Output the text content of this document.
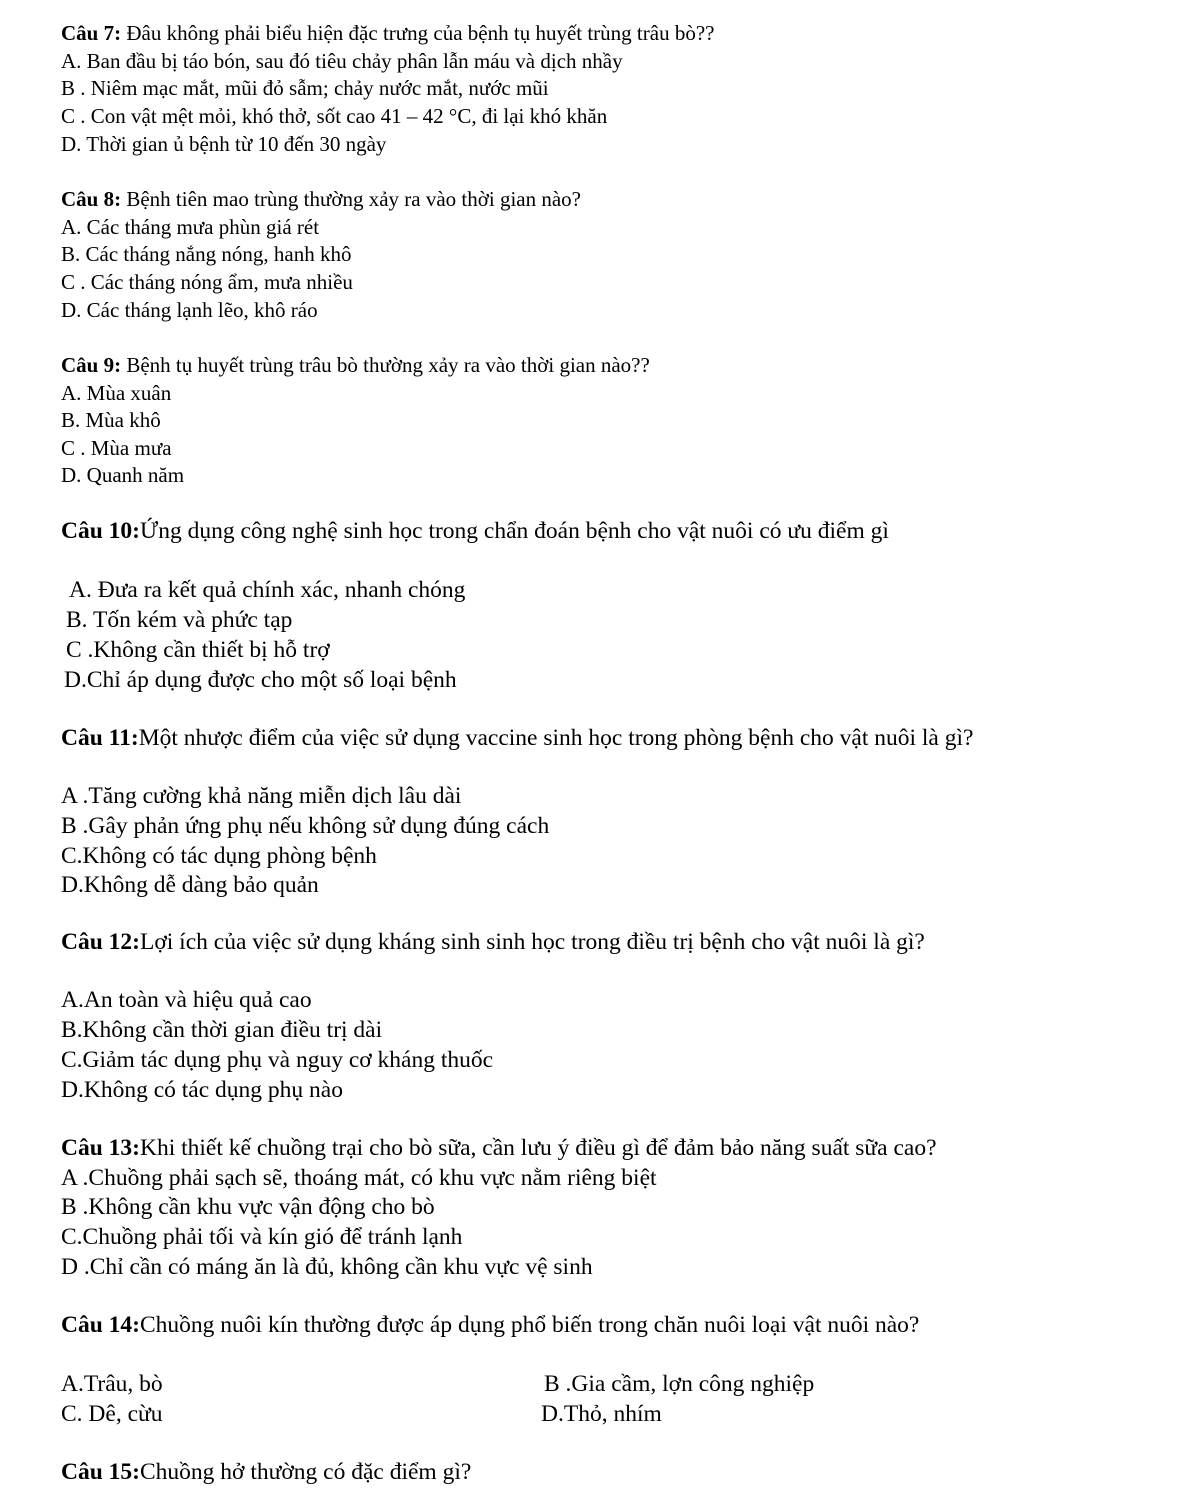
Câu 7: Đâu không phải biểu hiện đặc trưng của bệnh tụ huyết trùng trâu bò??
A. Ban đầu bị táo bón, sau đó tiêu chảy phân lẫn máu và dịch nhầy
B . Niêm mạc mắt, mũi đỏ sẫm; chảy nước mắt, nước mũi
C . Con vật mệt mỏi, khó thở, sốt cao 41 – 42 °C, đi lại khó khăn
D. Thời gian ủ bệnh từ 10 đến 30 ngày
Câu 8: Bệnh tiên mao trùng thường xảy ra vào thời gian nào?
A. Các tháng mưa phùn giá rét
B. Các tháng nắng nóng, hanh khô
C . Các tháng nóng ẩm, mưa nhiều
D. Các tháng lạnh lẽo, khô ráo
Câu 9: Bệnh tụ huyết trùng trâu bò thường xảy ra vào thời gian nào??
A. Mùa xuân
B. Mùa khô
C . Mùa mưa
D. Quanh năm
Câu 10:Ứng dụng công nghệ sinh học trong chẩn đoán bệnh cho vật nuôi có ưu điểm gì
A. Đưa ra kết quả chính xác, nhanh chóng
B. Tốn kém và phức tạp
C .Không cần thiết bị hỗ trợ
D.Chỉ áp dụng được cho một số loại bệnh
Câu 11:Một nhược điểm của việc sử dụng vaccine sinh học trong phòng bệnh cho vật nuôi là gì?
A .Tăng cường khả năng miễn dịch lâu dài
B .Gây phản ứng phụ nếu không sử dụng đúng cách
C.Không có tác dụng phòng bệnh
D.Không dễ dàng bảo quản
Câu 12:Lợi ích của việc sử dụng kháng sinh sinh học trong điều trị bệnh cho vật nuôi là gì?
A.An toàn và hiệu quả cao
B.Không cần thời gian điều trị dài
C.Giảm tác dụng phụ và nguy cơ kháng thuốc
D.Không có tác dụng phụ nào
Câu 13:Khi thiết kế chuồng trại cho bò sữa, cần lưu ý điều gì để đảm bảo năng suất sữa cao?
A .Chuồng phải sạch sẽ, thoáng mát, có khu vực nằm riêng biệt
B .Không cần khu vực vận động cho bò
C.Chuồng phải tối và kín gió để tránh lạnh
D .Chỉ cần có máng ăn là đủ, không cần khu vực vệ sinh
Câu 14:Chuồng nuôi kín thường được áp dụng phổ biến trong chăn nuôi loại vật nuôi nào?
A.Trâu, bò	B .Gia cầm, lợn công nghiệp
C. Dê, cừu	D.Thỏ, nhím
Câu 15:Chuồng hở thường có đặc điểm gì?
